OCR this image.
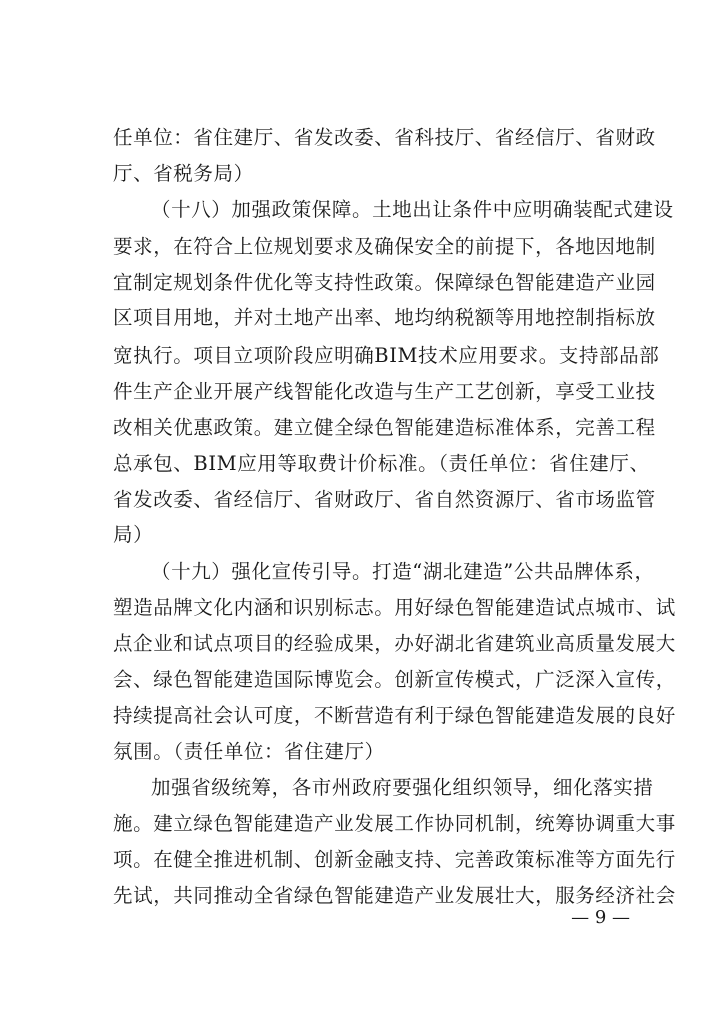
任单位：省住建厅、省发改委、省科技厅、省经信厅、省财政
厅、省税务局）
（十八）加强政策保障。土地出让条件中应明确装配式建设
要求，在符合上位规划要求及确保安全的前提下，各地因地制
宜制定规划条件优化等支持性政策。保障绿色智能建造产业园
区项目用地，并对土地产出率、地均纳税额等用地控制指标放
宽执行。项目立项阶段应明确BIM技术应用要求。支持部品部
件生产企业开展产线智能化改造与生产工艺创新，享受工业技
改相关优惠政策。建立健全绿色智能建造标准体系，完善工程
总承包、BIM应用等取费计价标准。（责任单位：省住建厅、
省发改委、省经信厅、省财政厅、省自然资源厅、省市场监管
局）
（十九）强化宣传引导。打造“湖北建造”公共品牌体系，
塑造品牌文化内涵和识别标志。用好绿色智能建造试点城市、试
点企业和试点项目的经验成果，办好湖北省建筑业高质量发展大
会、绿色智能建造国际博览会。创新宣传模式，广泛深入宣传，
持续提高社会认可度，不断营造有利于绿色智能建造发展的良好
氛围。（责任单位：省住建厅）
加强省级统筹，各市州政府要强化组织领导，细化落实措
施。建立绿色智能建造产业发展工作协同机制，统筹协调重大事
项。在健全推进机制、创新金融支持、完善政策标准等方面先行
先试，共同推动全省绿色智能建造产业发展壮大，服务经济社会
— 9 —
